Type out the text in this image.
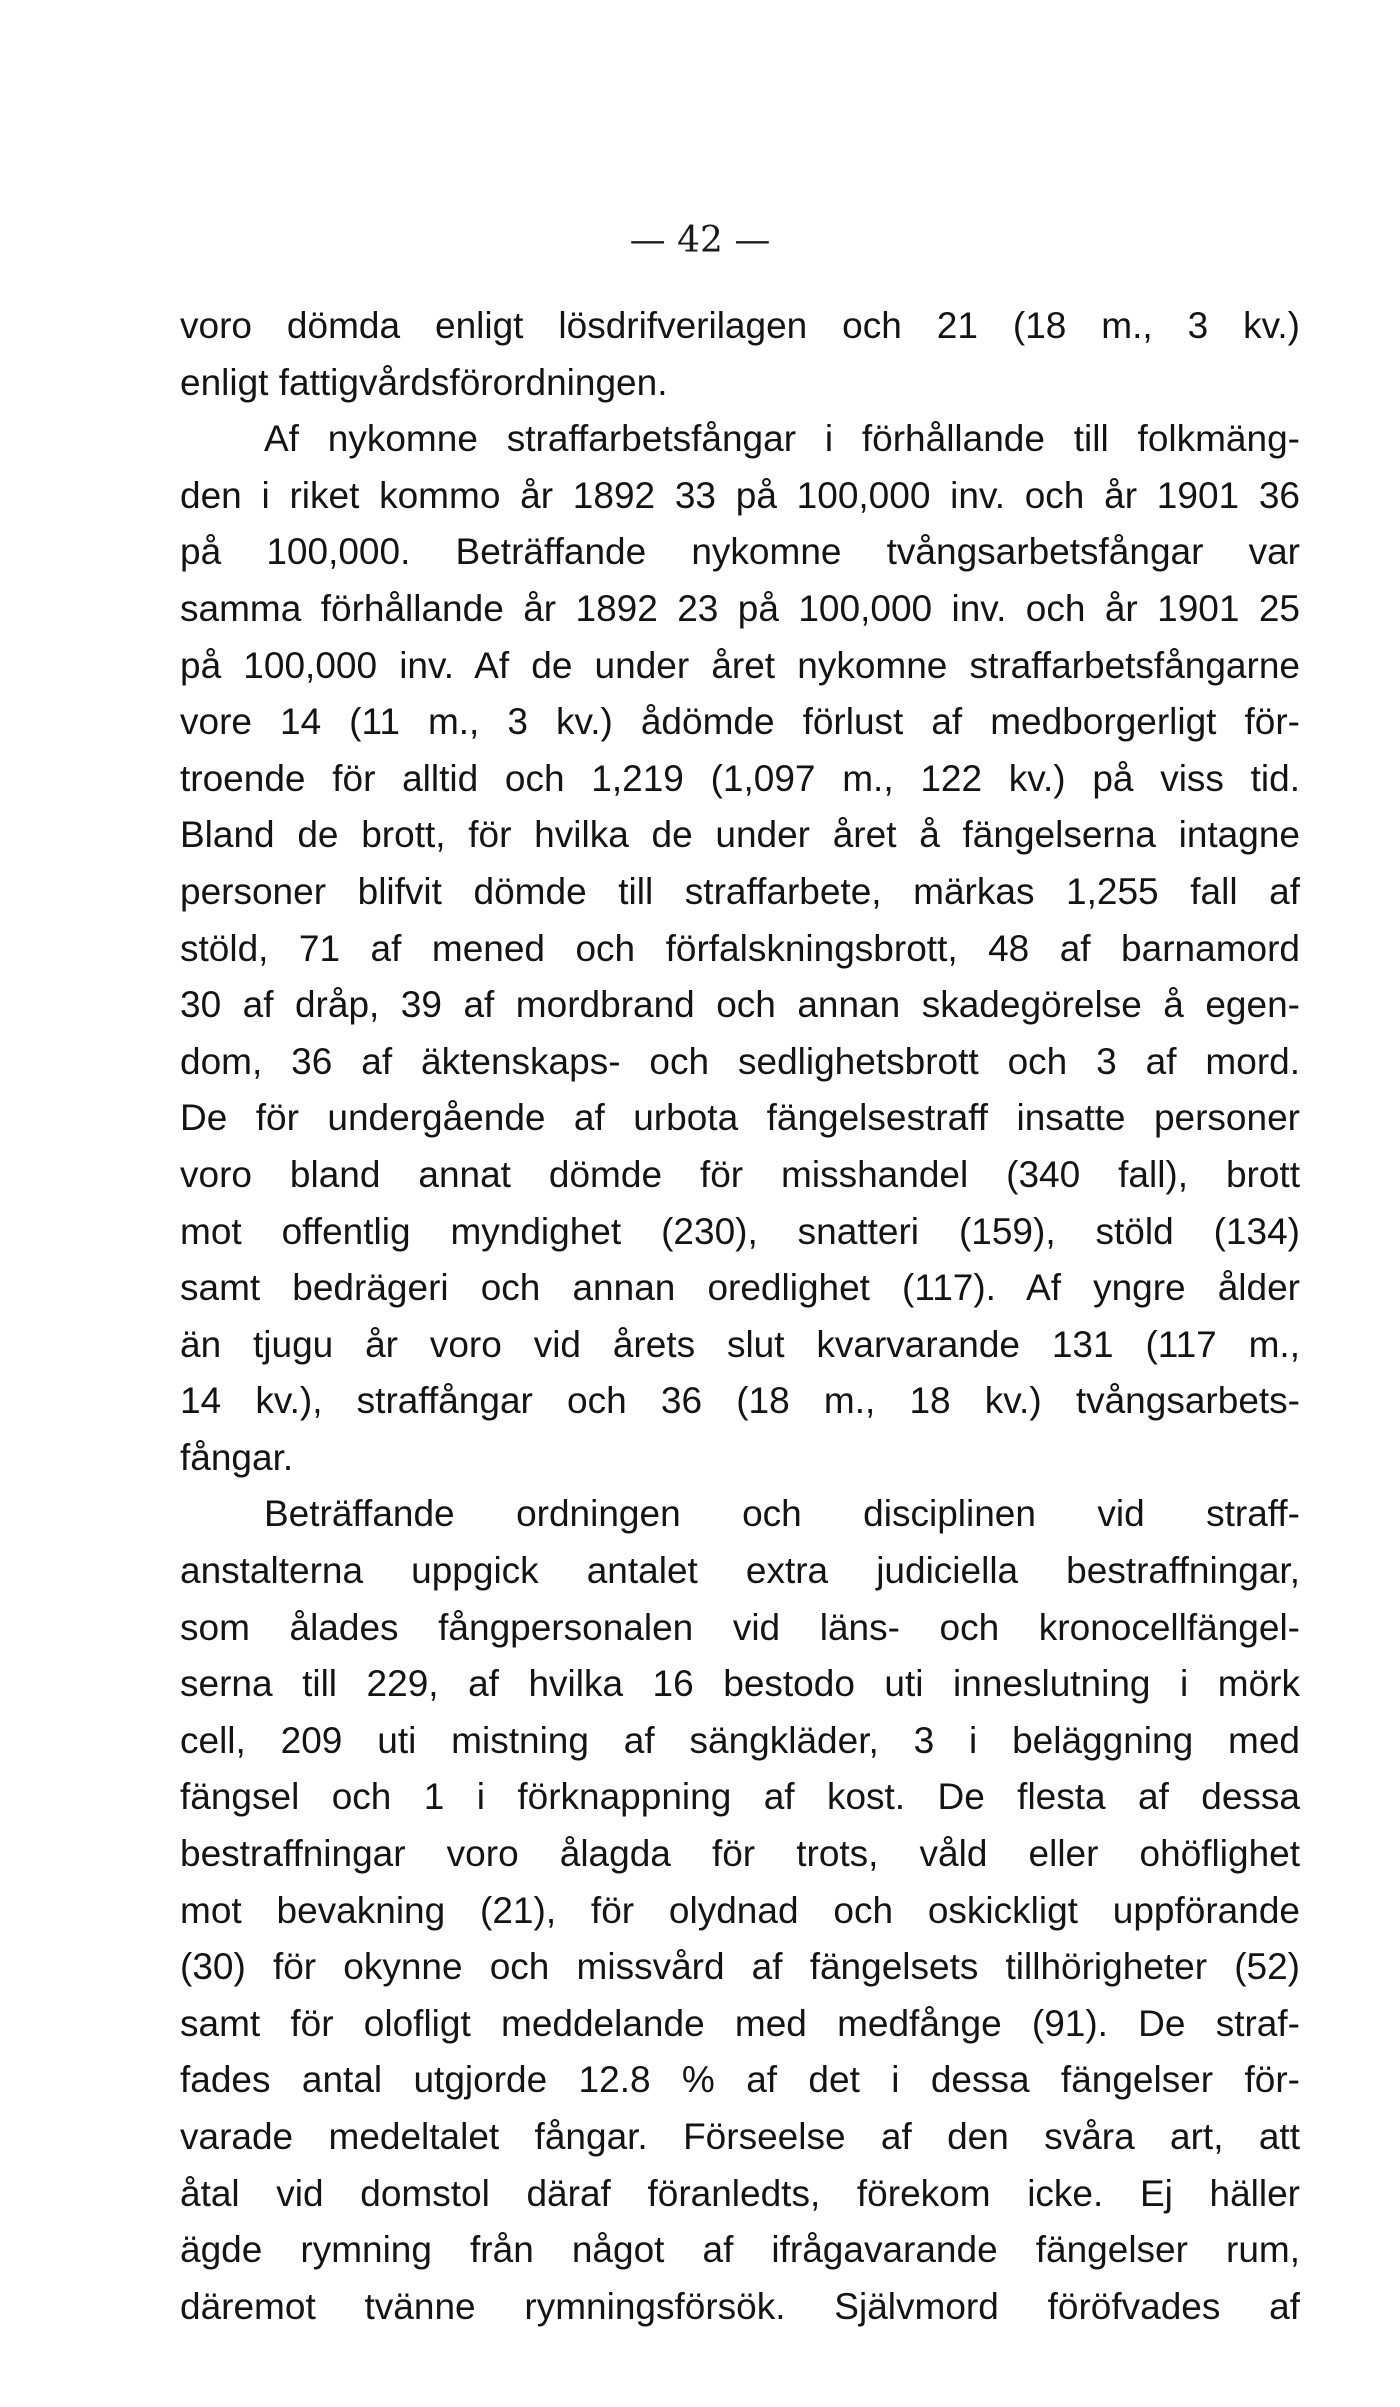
— 42 —
voro dömda enligt lösdrifverilagen och 21 (18 m., 3 kv.)
enligt fattigvårdsförordningen.
Af nykomne straffarbetsfångar i förhållande till folkmäng-
den i riket kommo år 1892 33 på 100,000 inv. och år 1901 36
på 100,000. Beträffande nykomne tvångsarbetsfångar var
samma förhållande år 1892 23 på 100,000 inv. och år 1901 25
på 100,000 inv. Af de under året nykomne straffarbetsfångarne
vore 14 (11 m., 3 kv.) ådömde förlust af medborgerligt för-
troende för alltid och 1,219 (1,097 m., 122 kv.) på viss tid.
Bland de brott, för hvilka de under året å fängelserna intagne
personer blifvit dömde till straffarbete, märkas 1,255 fall af
stöld, 71 af mened och förfalskningsbrott, 48 af barnamord
30 af dråp, 39 af mordbrand och annan skadegörelse å egen-
dom, 36 af äktenskaps- och sedlighetsbrott och 3 af mord.
De för undergående af urbota fängelsestraff insatte personer
voro bland annat dömde för misshandel (340 fall), brott
mot offentlig myndighet (230), snatteri (159), stöld (134)
samt bedrägeri och annan oredlighet (117). Af yngre ålder
än tjugu år voro vid årets slut kvarvarande 131 (117 m.,
14 kv.), straffångar och 36 (18 m., 18 kv.) tvångsarbets-
fångar.
Beträffande ordningen och disciplinen vid straff-
anstalterna uppgick antalet extra judiciella bestraffningar,
som ålades fångpersonalen vid läns- och kronocellfängel-
serna till 229, af hvilka 16 bestodo uti inneslutning i mörk
cell, 209 uti mistning af sängkläder, 3 i beläggning med
fängsel och 1 i förknappning af kost. De flesta af dessa
bestraffningar voro ålagda för trots, våld eller ohöflighet
mot bevakning (21), för olydnad och oskickligt uppförande
(30) för okynne och missvård af fängelsets tillhörigheter (52)
samt för olofligt meddelande med medfånge (91). De straf-
fades antal utgjorde 12.8 % af det i dessa fängelser för-
varade medeltalet fångar. Förseelse af den svåra art, att
åtal vid domstol däraf föranledts, förekom icke. Ej häller
ägde rymning från något af ifrågavarande fängelser rum,
däremot tvänne rymningsförsök. Självmord föröfvades af
